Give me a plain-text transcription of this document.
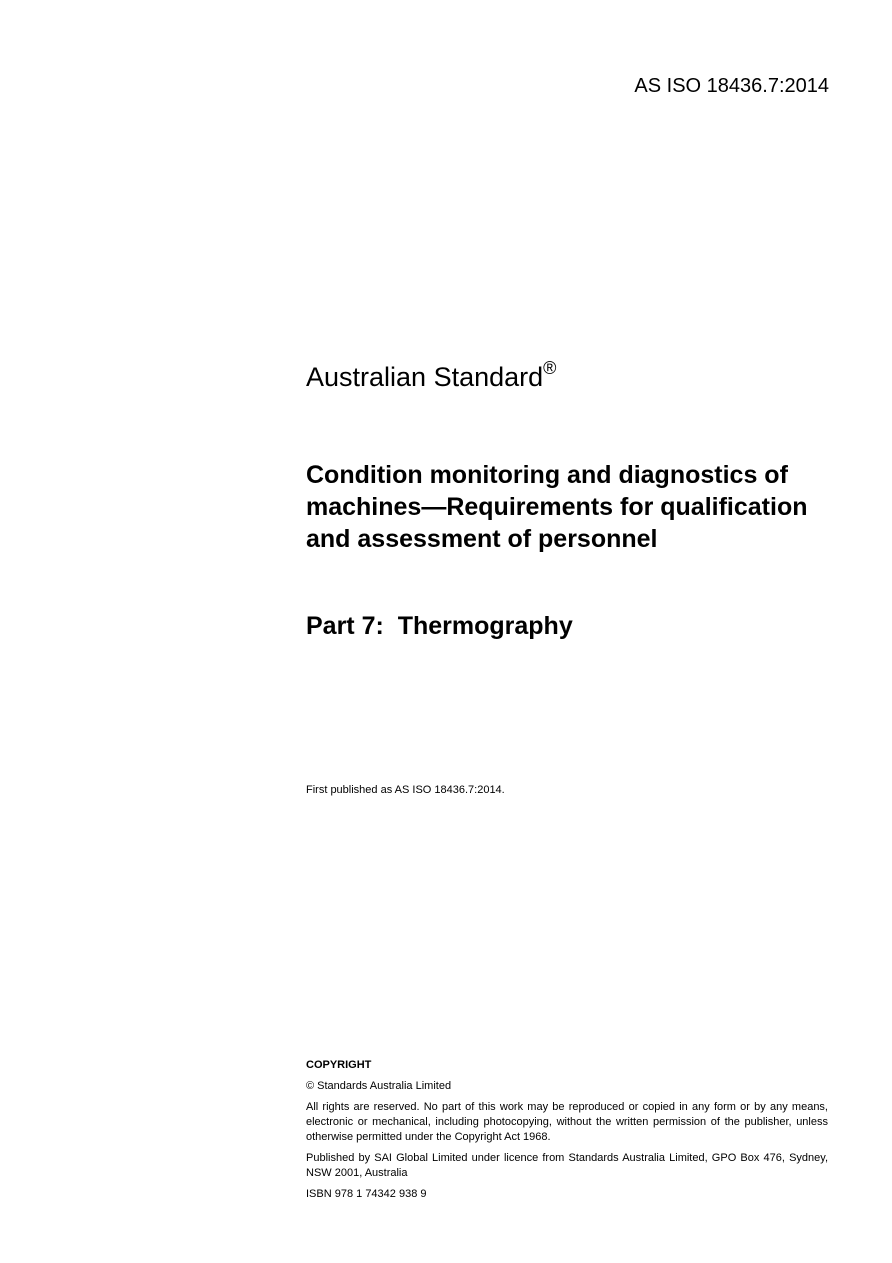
AS ISO 18436.7:2014
Australian Standard®
Condition monitoring and diagnostics of machines—Requirements for qualification and assessment of personnel
Part 7:  Thermography
First published as AS ISO 18436.7:2014.

COPYRIGHT

© Standards Australia Limited

All rights are reserved. No part of this work may be reproduced or copied in any form or by any means, electronic or mechanical, including photocopying, without the written permission of the publisher, unless otherwise permitted under the Copyright Act 1968.

Published by SAI Global Limited under licence from Standards Australia Limited, GPO Box 476, Sydney, NSW 2001, Australia

ISBN 978 1 74342 938 9
